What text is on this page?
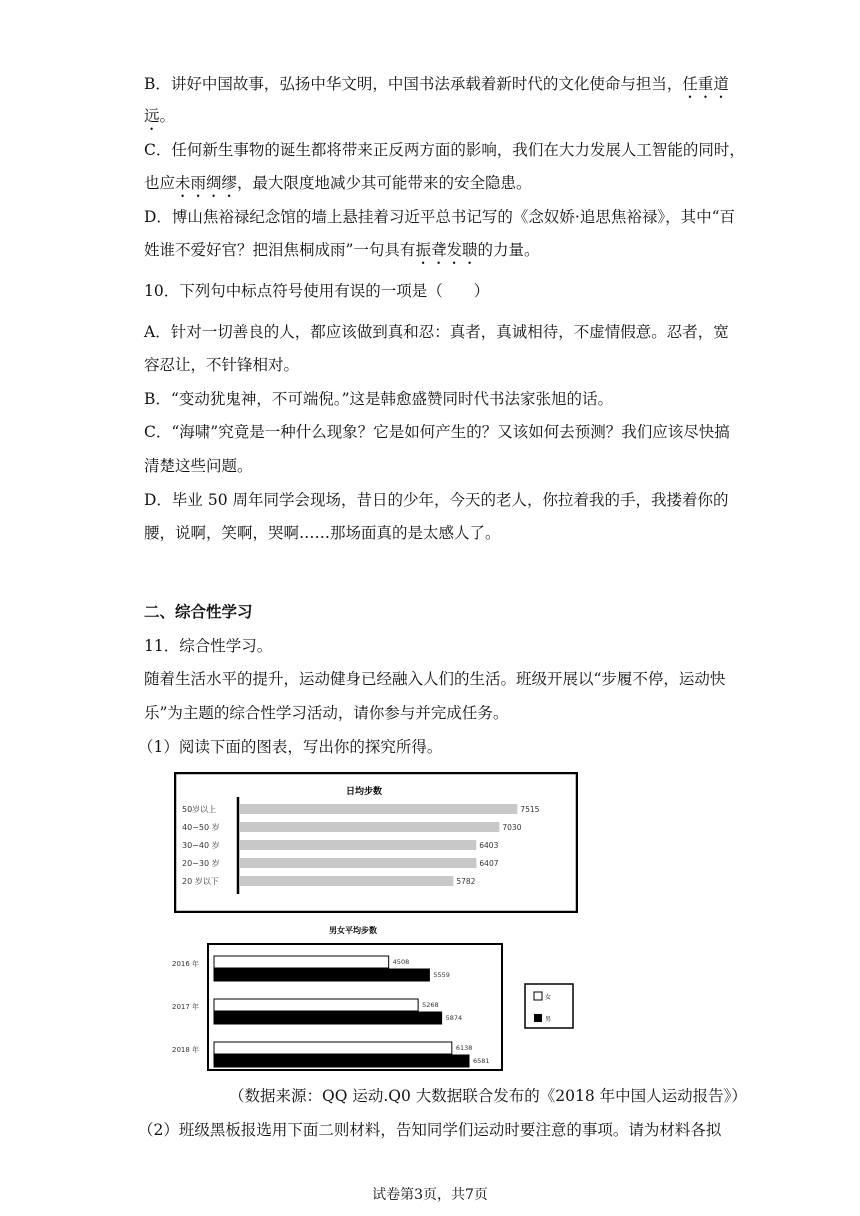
B．讲好中国故事，弘扬中华文明，中国书法承载着新时代的文化使命与担当，任重道
远。
C．任何新生事物的诞生都将带来正反两方面的影响，我们在大力发展人工智能的同时，
也应未雨绸缪，最大限度地减少其可能带来的安全隐患。
D．博山焦裕禄纪念馆的墙上悬挂着习近平总书记写的《念奴娇·追思焦裕禄》，其中“百
姓谁不爱好官？把泪焦桐成雨”一句具有振聋发聩的力量。
10．下列句中标点符号使用有误的一项是（　　）
A．针对一切善良的人，都应该做到真和忍：真者，真诚相待，不虚情假意。忍者，宽
容忍让，不针锋相对。
B．“变动犹鬼神，不可端倪。”这是韩愈盛赞同时代书法家张旭的话。
C．“海啸”究竟是一种什么现象？它是如何产生的？又该如何去预测？我们应该尽快搞
清楚这些问题。
D．毕业 50 周年同学会现场，昔日的少年，今天的老人，你拉着我的手，我搂着你的
腰，说啊，笑啊，哭啊……那场面真的是太感人了。
二、综合性学习
11．综合性学习。
随着生活水平的提升，运动健身已经融入人们的生活。班级开展以“步履不停，运动快
乐”为主题的综合性学习活动，请你参与并完成任务。
（1）阅读下面的图表，写出你的探究所得。
日均步数
50岁以上	7515
40−50 岁	7030
30−40 岁	6403
20−30 岁	6407
20 岁以下	5782
男女平均步数
2016 年	4508
5559
2017 年	5268
5874
2018 年	6138
6581
女
男
（数据来源：QQ 运动.Q0 大数据联合发布的《2018 年中国人运动报告》）
（2）班级黑板报选用下面二则材料，告知同学们运动时要注意的事项。请为材料各拟
试卷第3页，共7页
